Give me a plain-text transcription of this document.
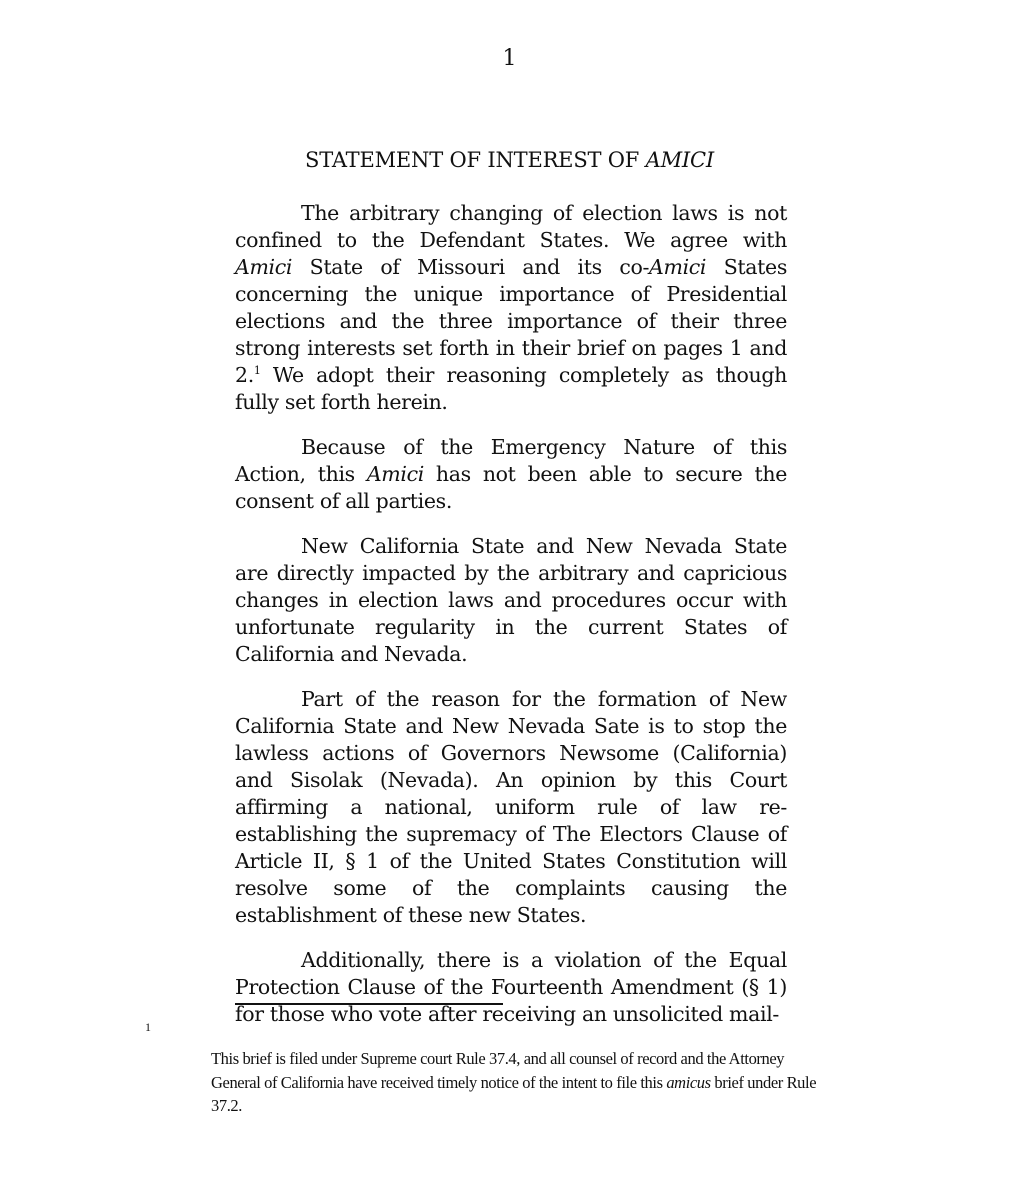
1
STATEMENT OF INTEREST OF AMICI

The arbitrary changing of election laws is not confined to the Defendant States. We agree with Amici State of Missouri and its co-Amici States concerning the unique importance of Presidential elections and the three importance of their three strong interests set forth in their brief on pages 1 and 2.$^1$ We adopt their reasoning completely as though fully set forth herein.

Because of the Emergency Nature of this Action, this Amici has not been able to secure the consent of all parties.

New California State and New Nevada State are directly impacted by the arbitrary and capricious changes in election laws and procedures occur with unfortunate regularity in the current States of California and Nevada.

Part of the reason for the formation of New California State and New Nevada Sate is to stop the lawless actions of Governors Newsome (California) and Sisolak (Nevada). An opinion by this Court affirming a national, uniform rule of law re-establishing the supremacy of The Electors Clause of Article II, § 1 of the United States Constitution will resolve some of the complaints causing the establishment of these new States.

Additionally, there is a violation of the Equal Protection Clause of the Fourteenth Amendment (§ 1) for those who vote after receiving an unsolicited mail-

1

This brief is filed under Supreme court Rule 37.4, and all counsel of record and the Attorney General of California have received timely notice of the intent to file this amicus brief under Rule 37.2.
